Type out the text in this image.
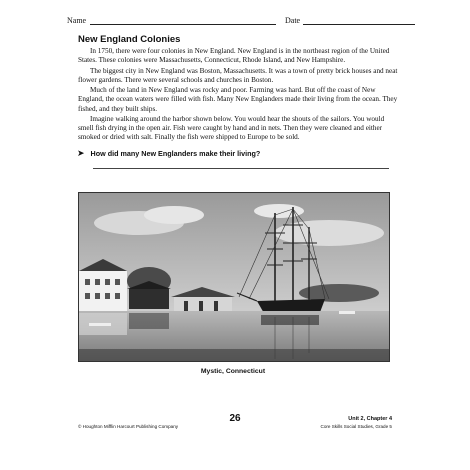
Name	Date
New England Colonies

In 1750, there were four colonies in New England. New England is in the northeast region of the United States. These colonies were Massachusetts, Connecticut, Rhode Island, and New Hampshire.

The biggest city in New England was Boston, Massachusetts. It was a town of pretty brick houses and neat flower gardens. There were several schools and churches in Boston.

Much of the land in New England was rocky and poor. Farming was hard. But off the coast of New England, the ocean waters were filled with fish. Many New Englanders made their living from the ocean. They fished, and they built ships.

Imagine walking around the harbor shown below. You would hear the shouts of the sailors. You would smell fish drying in the open air. Fish were caught by hand and in nets. Then they were cleaned and either smoked or dried with salt. Finally the fish were shipped to Europe to be sold.

➤ How did many New Englanders make their living?
Mystic, Connecticut
26
© Houghton Mifflin Harcourt Publishing Company
Unit 2, Chapter 4
Core Skills Social Studies, Grade 5
